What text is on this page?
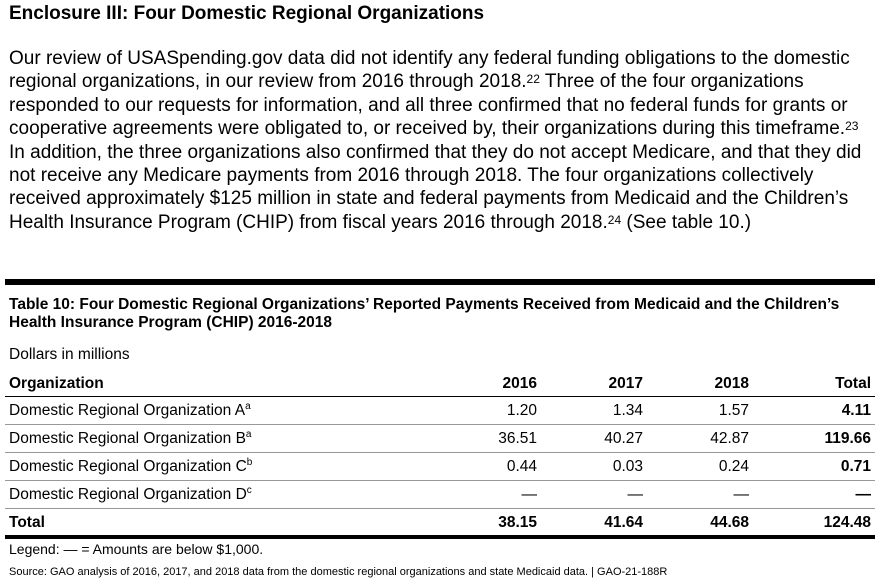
Enclosure III: Four Domestic Regional Organizations

Our review of USASpending.gov data did not identify any federal funding obligations to the domestic regional organizations, in our review from 2016 through 2018.22 Three of the four organizations responded to our requests for information, and all three confirmed that no federal funds for grants or cooperative agreements were obligated to, or received by, their organizations during this timeframe.$^{23}$ In addition, the three organizations also confirmed that they do not accept Medicare, and that they did not receive any Medicare payments from 2016 through 2018. The four organizations collectively received approximately $125 million in state and federal payments from Medicaid and the Children’s Health Insurance Program (CHIP) from fiscal years 2016 through 2018.24 (See table 10.)

Table 10: Four Domestic Regional Organizations’ Reported Payments Received from Medicaid and the Children’s Health Insurance Program (CHIP) 2016-2018
Dollars in millions
Organization	2016	2017	2018	Total
Domestic Regional Organization $A^a$	1.20	1.34	1.57	4.11
Domestic Regional Organization $B^a$	36.51	40.27	42.87	119.66
Domestic Regional Organization $C^b$	0.44	0.03	0.24	0.71
Domestic Regional Organization $D^c$	—	—	—	—
Total	38.15	41.64	44.68	124.48
Legend: — = Amounts are below $1,000.
Source: GAO analysis of 2016, 2017, and 2018 data from the domestic regional organizations and state Medicaid data. | GAO-21-188R
